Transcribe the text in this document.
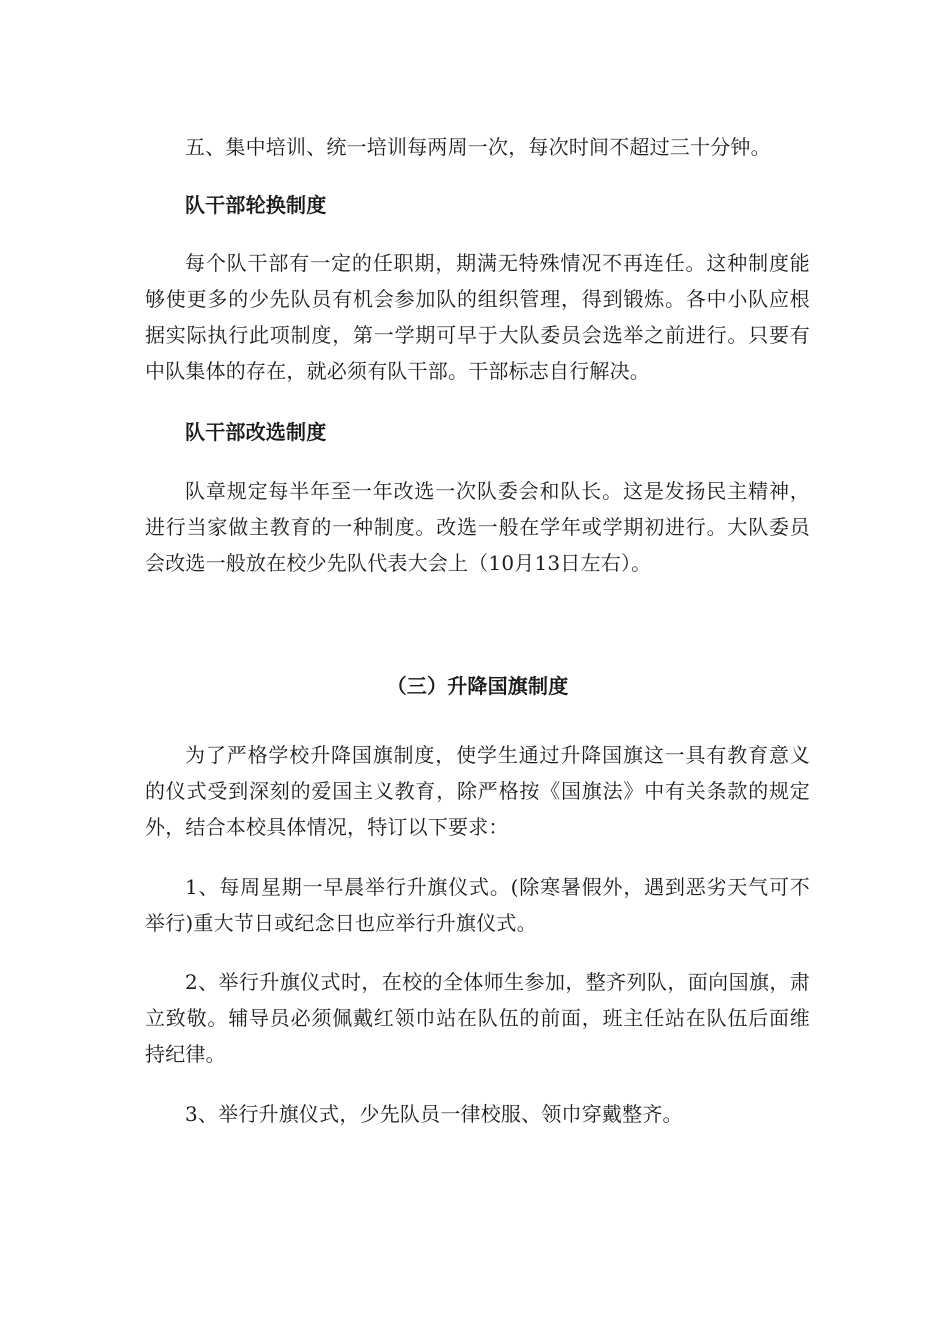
五、集中培训、统一培训每两周一次，每次时间不超过三十分钟。

队干部轮换制度

每个队干部有一定的任职期，期满无特殊情况不再连任。这种制度能够使更多的少先队员有机会参加队的组织管理，得到锻炼。各中小队应根据实际执行此项制度，第一学期可早于大队委员会选举之前进行。只要有中队集体的存在，就必须有队干部。干部标志自行解决。

队干部改选制度

队章规定每半年至一年改选一次队委会和队长。这是发扬民主精神，进行当家做主教育的一种制度。改选一般在学年或学期初进行。大队委员会改选一般放在校少先队代表大会上（10月13日左右）。

（三）升降国旗制度

为了严格学校升降国旗制度，使学生通过升降国旗这一具有教育意义的仪式受到深刻的爱国主义教育，除严格按《国旗法》中有关条款的规定外，结合本校具体情况，特订以下要求：

1、每周星期一早晨举行升旗仪式。(除寒暑假外，遇到恶劣天气可不举行)重大节日或纪念日也应举行升旗仪式。

2、举行升旗仪式时，在校的全体师生参加，整齐列队，面向国旗，肃立致敬。辅导员必须佩戴红领巾站在队伍的前面，班主任站在队伍后面维持纪律。

3、举行升旗仪式，少先队员一律校服、领巾穿戴整齐。
